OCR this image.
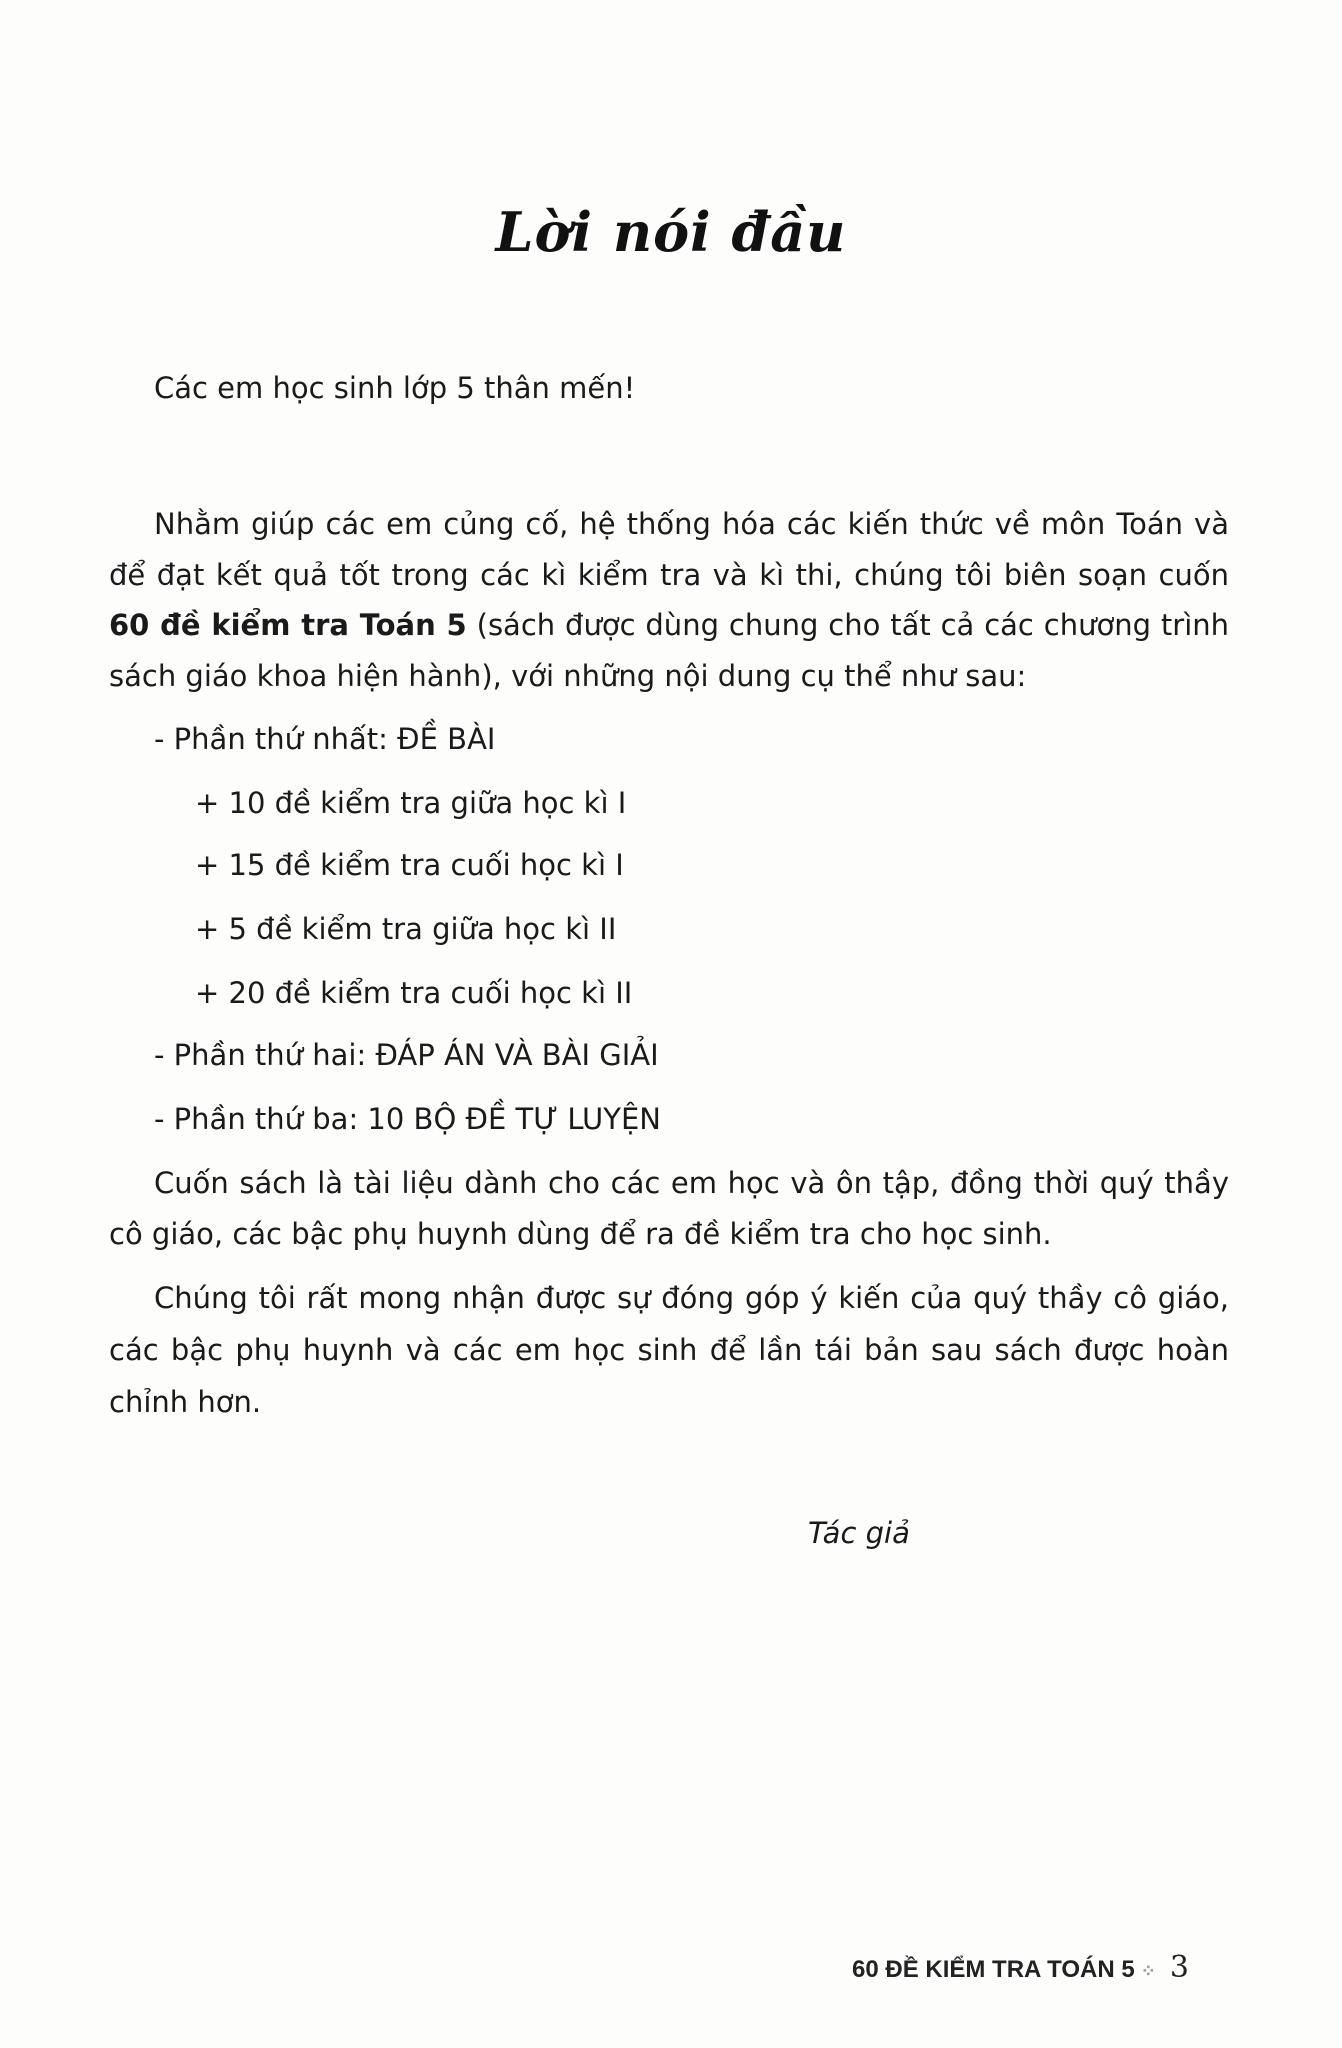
Lời nói đầu
Các em học sinh lớp 5 thân mến!
Nhằm giúp các em củng cố, hệ thống hóa các kiến thức về môn Toán và
để đạt kết quả tốt trong các kì kiểm tra và kì thi, chúng tôi biên soạn cuốn
60 đề kiểm tra Toán 5 (sách được dùng chung cho tất cả các chương trình
sách giáo khoa hiện hành), với những nội dung cụ thể như sau:
- Phần thứ nhất: ĐỀ BÀI
+ 10 đề kiểm tra giữa học kì I
+ 15 đề kiểm tra cuối học kì I
+ 5 đề kiểm tra giữa học kì II
+ 20 đề kiểm tra cuối học kì II
- Phần thứ hai: ĐÁP ÁN VÀ BÀI GIẢI
- Phần thứ ba: 10 BỘ ĐỀ TỰ LUYỆN
Cuốn sách là tài liệu dành cho các em học và ôn tập, đồng thời quý thầy
cô giáo, các bậc phụ huynh dùng để ra đề kiểm tra cho học sinh.
Chúng tôi rất mong nhận được sự đóng góp ý kiến của quý thầy cô giáo,
các bậc phụ huynh và các em học sinh để lần tái bản sau sách được hoàn
chỉnh hơn.
Tác giả
60 ĐỀ KIỂM TRA TOÁN 5 ⁘ 3
